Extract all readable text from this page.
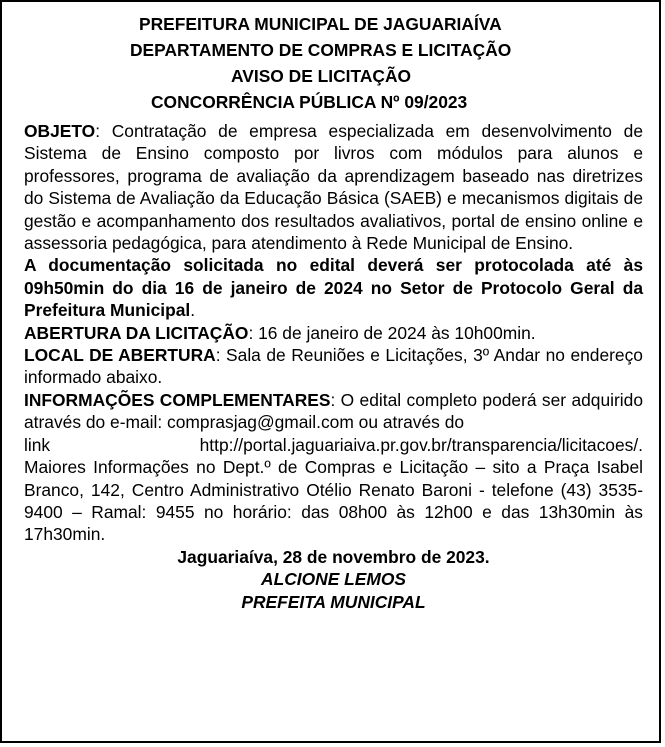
PREFEITURA MUNICIPAL DE JAGUARIAÍVA
DEPARTAMENTO DE COMPRAS E LICITAÇÃO
AVISO DE LICITAÇÃO
CONCORRÊNCIA PÚBLICA Nº 09/2023

OBJETO: Contratação de empresa especializada em desenvolvimento de Sistema de Ensino composto por livros com módulos para alunos e professores, programa de avaliação da aprendizagem baseado nas diretrizes do Sistema de Avaliação da Educação Básica (SAEB) e mecanismos digitais de gestão e acompanhamento dos resultados avaliativos, portal de ensino online e assessoria pedagógica, para atendimento à Rede Municipal de Ensino.

A documentação solicitada no edital deverá ser protocolada até às 09h50min do dia 16 de janeiro de 2024 no Setor de Protocolo Geral da Prefeitura Municipal.

ABERTURA DA LICITAÇÃO: 16 de janeiro de 2024 às 10h00min.

LOCAL DE ABERTURA: Sala de Reuniões e Licitações, 3º Andar no endereço informado abaixo.

INFORMAÇÕES COMPLEMENTARES: O edital completo poderá ser adquirido através do e-mail: comprasjag@gmail.com ou através do

link	http://portal.jaguariaiva.pr.gov.br/transparencia/licitacoes/.

Maiores Informações no Dept.º de Compras e Licitação – sito a Praça Isabel Branco, 142, Centro Administrativo Otélio Renato Baroni - telefone (43) 3535-9400 – Ramal: 9455 no horário: das 08h00 às 12h00 e das 13h30min às 17h30min.

Jaguariaíva, 28 de novembro de 2023.

ALCIONE LEMOS

PREFEITA MUNICIPAL
